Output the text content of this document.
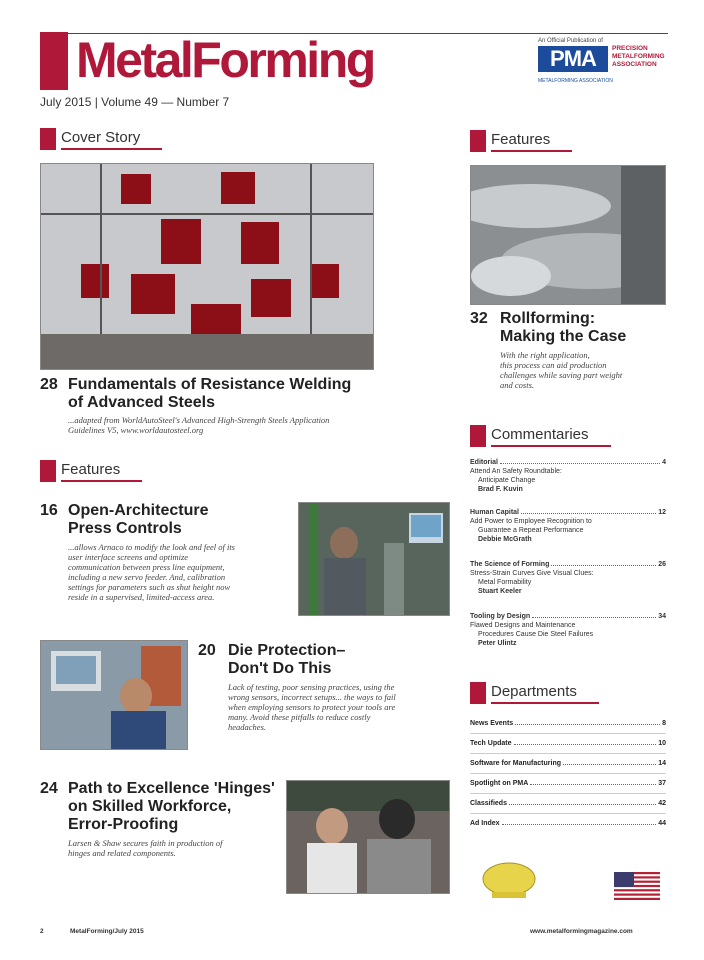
MetalForming
July 2015 | Volume 49 — Number 7
An Official Publication of
PMA	PRECISION METALFORMING ASSOCIATION
METALFORMING ASSOCIATION
Cover Story
28 Fundamentals of Resistance Welding
of Advanced Steels
...adapted from WorldAutoSteel's Advanced High-Strength Steels Application
Guidelines V5, www.worldautosteel.org
Features
16 Open-Architecture
Press Controls
...allows Arnaco to modify the look and feel of its
user interface screens and optimize
communication between press line equipment,
including a new servo feeder. And, calibration
settings for parameters such as shut height now
reside in a supervised, limited-access area.
20 Die Protection–
Don't Do This
Lack of testing, poor sensing practices, using the
wrong sensors, incorrect setups... the ways to fail
when employing sensors to protect your tools are
many. Avoid these pitfalls to reduce costly
headaches.
24 Path to Excellence 'Hinges'
on Skilled Workforce,
Error-Proofing
Larsen & Shaw secures faith in production of
hinges and related components.
Features
32 Rollforming:
Making the Case
With the right application,
this process can aid production
challenges while saving part weight
and costs.
Commentaries
Editorial	4
Attend An Safety Roundtable:
Anticipate Change
Brad F. Kuvin
Human Capital	12
Add Power to Employee Recognition to
Guarantee a Repeat Performance
Debbie McGrath
The Science of Forming	26
Stress-Strain Curves Give Visual Clues:
Metal Formability
Stuart Keeler
Tooling by Design	34
Flawed Designs and Maintenance
Procedures Cause Die Steel Failures
Peter Ulintz
Departments
News Events	8
Tech Update	10
Software for Manufacturing	14
Spotlight on PMA	37
Classifieds	42
Ad Index	44
2	MetalForming/July 2015	www.metalformingmagazine.com
